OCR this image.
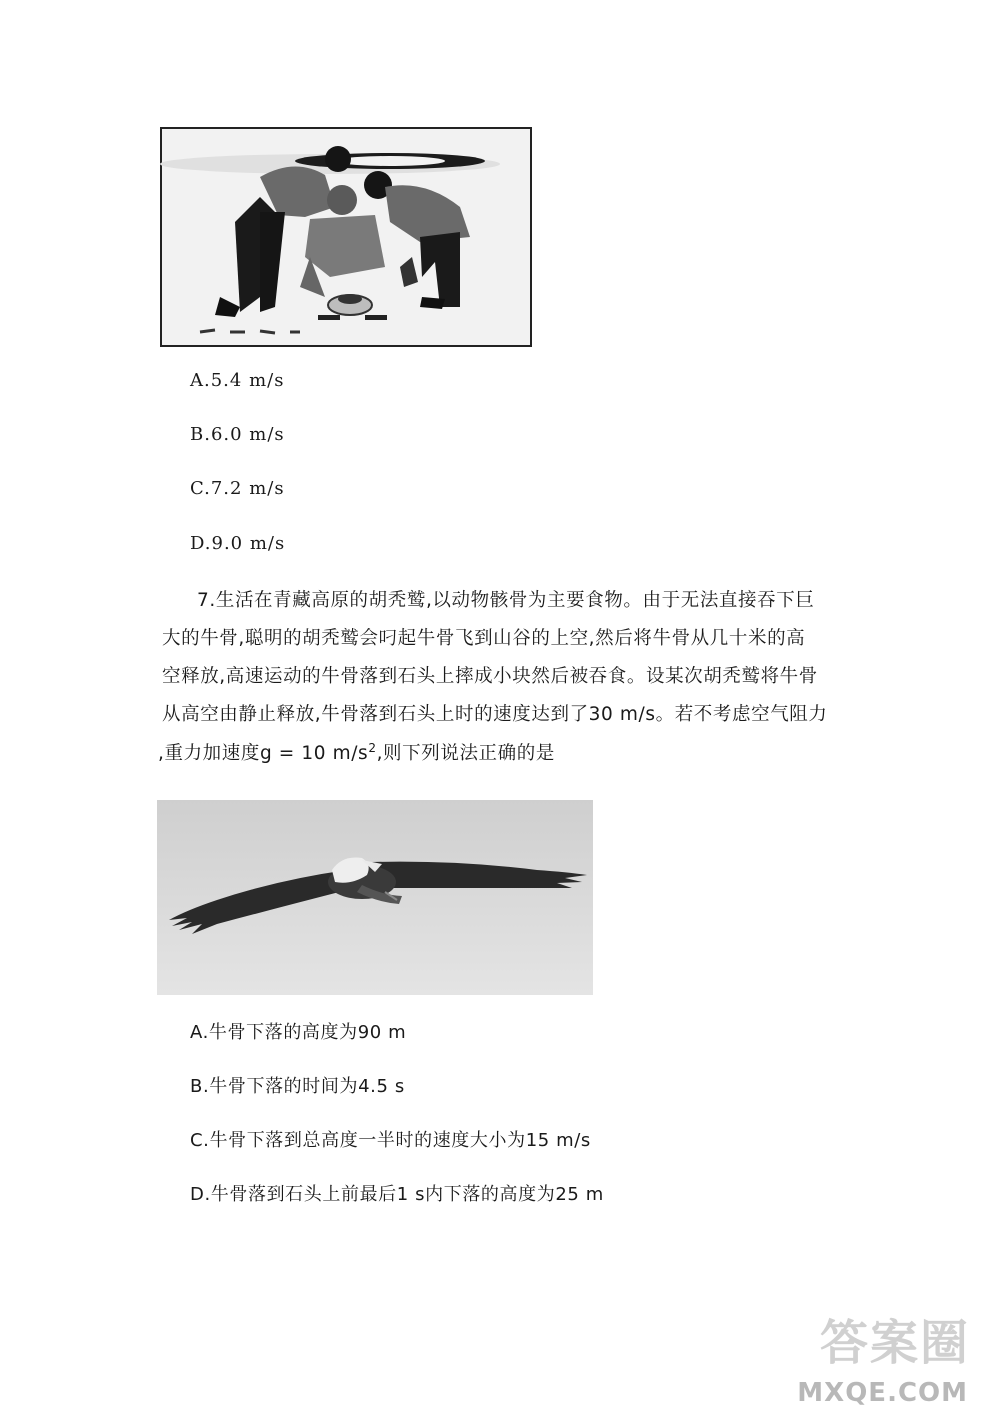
A.5.4 m/s
B.6.0 m/s
C.7.2 m/s
D.9.0 m/s
7.生活在青藏高原的胡秃鹫,以动物骸骨为主要食物。由于无法直接吞下巨
大的牛骨,聪明的胡秃鹫会叼起牛骨飞到山谷的上空,然后将牛骨从几十米的高
空释放,高速运动的牛骨落到石头上摔成小块然后被吞食。设某次胡秃鹫将牛骨
从高空由静止释放,牛骨落到石头上时的速度达到了30 m/s。若不考虑空气阻力
,重力加速度g = 10 $m/s^2$,则下列说法正确的是
A.牛骨下落的高度为90 m
B.牛骨下落的时间为4.5 s
C.牛骨下落到总高度一半时的速度大小为15 m/s
D.牛骨落到石头上前最后1 s内下落的高度为25 m
答案圈
MXQE.COM
